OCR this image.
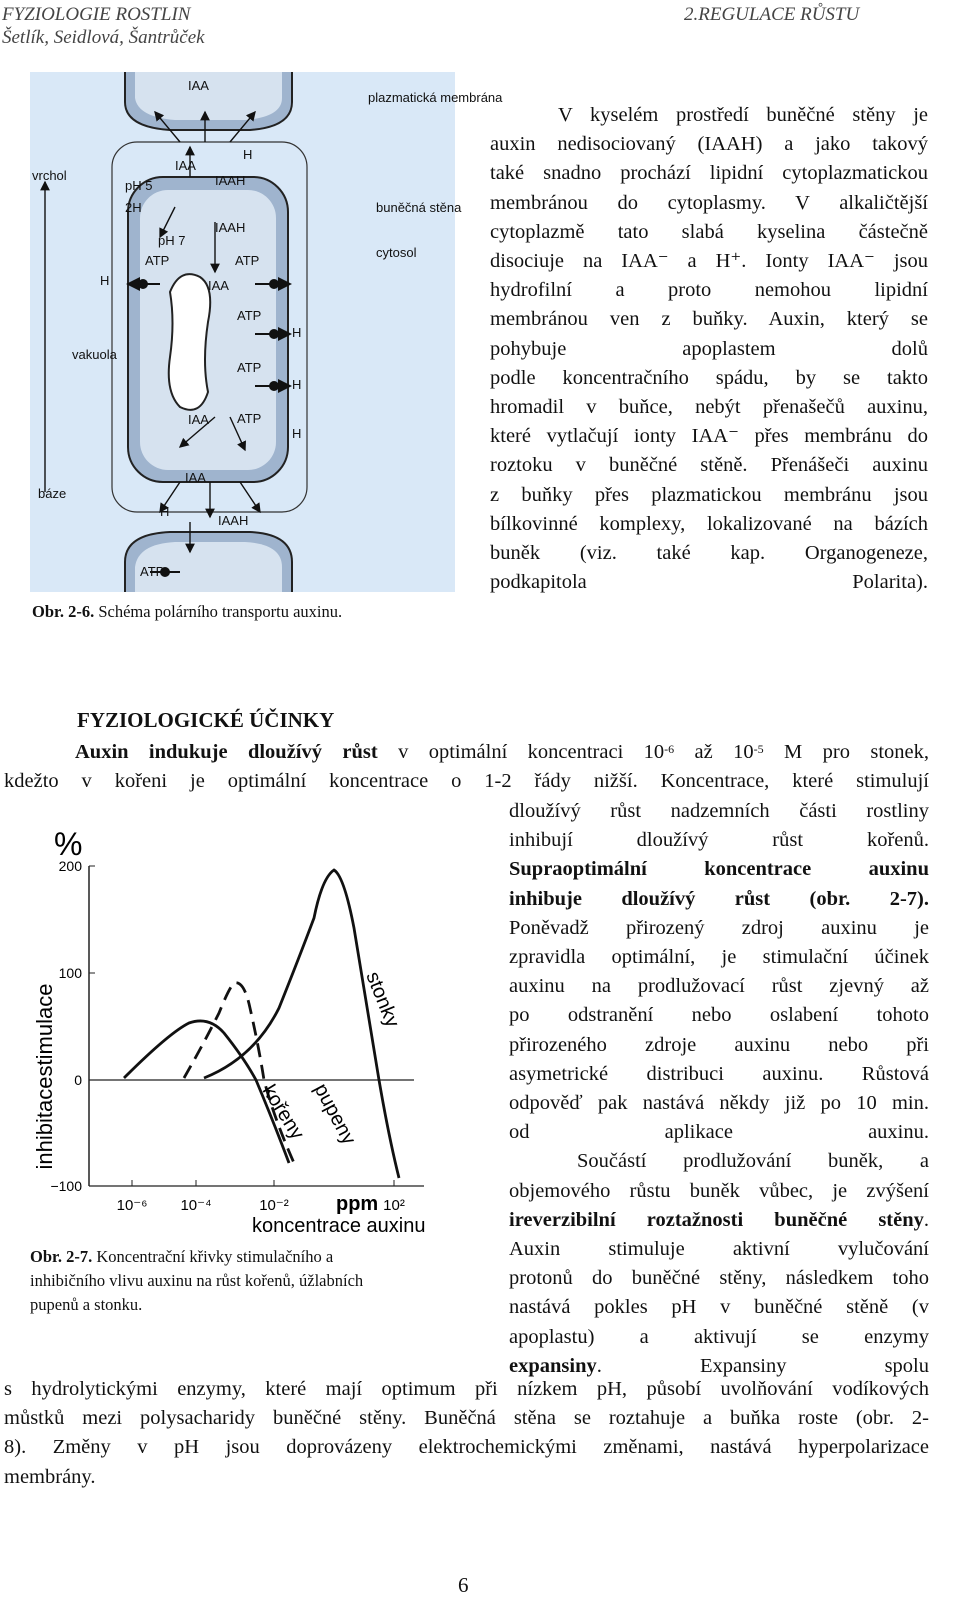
FYZIOLOGIE ROSTLIN
Šetlík, Seidlová, Šantrůček
2.REGULACE RŮSTU
IAA
IAA
IAAH
H
IAAH
IAA
ATP	ATP
ATP
ATP
ATP
H
H
H
H
IAA
IAA
H
IAAH
ATP
pH 5
2H
pH 7
plazmatická membrána
buněčná stěna
cytosol
vakuola
vrchol
báze
Obr. 2-6. Schéma polárního transportu auxinu.
V kyselém prostředí buněčné stěny je
auxin nedisociovaný (IAAH) a jako takový
také snadno prochází lipidní cytoplazmatickou
membránou do cytoplasmy. V alkaličtější
cytoplazmě tato slabá kyselina částečně
disociuje na IAA⁻ a H⁺. Ionty IAA⁻ jsou
hydrofilní a proto nemohou lipidní
membránou ven z buňky. Auxin, který se
pohybuje apoplastem dolů
podle koncentračního spádu, by se takto
hromadil v buňce, nebýt přenašečů auxinu,
které vytlačují ionty IAA⁻ přes membránu do
roztoku v buněčné stěně. Přenášeči auxinu
z buňky přes plazmatickou membránu jsou
bílkovinné komplexy, lokalizované na bázích
buněk (viz. také kap. Organogeneze,
podkapitola Polarita).
FYZIOLOGICKÉ ÚČINKY
Auxin indukuje dloužívý růst v optimální koncentraci $10^{-6}$ až $10^{-5}$ M pro stonek,
kdežto v kořeni je optimální koncentrace o 1-2 řády nižší. Koncentrace, které stimulují
%
stimulace
inhibitace
200
100
0
−100
10⁻⁶ 10⁻⁴	10⁻²	10²
stonky
kořeny pupeny
ppm
koncentrace auxinu
Obr. 2-7. Koncentrační křivky stimulačního a
inhibičního vlivu auxinu na růst kořenů, úžlabních
pupenů a stonku.
dloužívý růst nadzemních části rostliny
inhibují dloužívý růst kořenů.
Supraoptimální koncentrace auxinu
inhibuje dloužívý růst (obr. 2-7).
Poněvadž přirozený zdroj auxinu je
zpravidla optimální, je stimulační účinek
auxinu na prodlužovací růst zjevný až
po odstranění nebo oslabení tohoto
přirozeného zdroje auxinu nebo při
asymetrické distribuci auxinu. Růstová
odpověď pak nastává někdy již po 10 min.
od aplikace auxinu.
Součástí prodlužování buněk, a
objemového růstu buněk vůbec, je zvýšení
ireverzibilní roztažnosti buněčné stěny.
Auxin stimuluje aktivní vylučování
protonů do buněčné stěny, následkem toho
nastává pokles pH v buněčné stěně (v
apoplastu) a aktivují se enzymy
expansiny. Expansiny spolu
s hydrolytickými enzymy, které mají optimum při nízkem pH, působí uvolňování vodíkových
můstků mezi polysacharidy buněčné stěny. Buněčná stěna se roztahuje a buňka roste (obr. 2-
8). Změny v pH jsou doprovázeny elektrochemickými změnami, nastává hyperpolarizace
membrány.
6
